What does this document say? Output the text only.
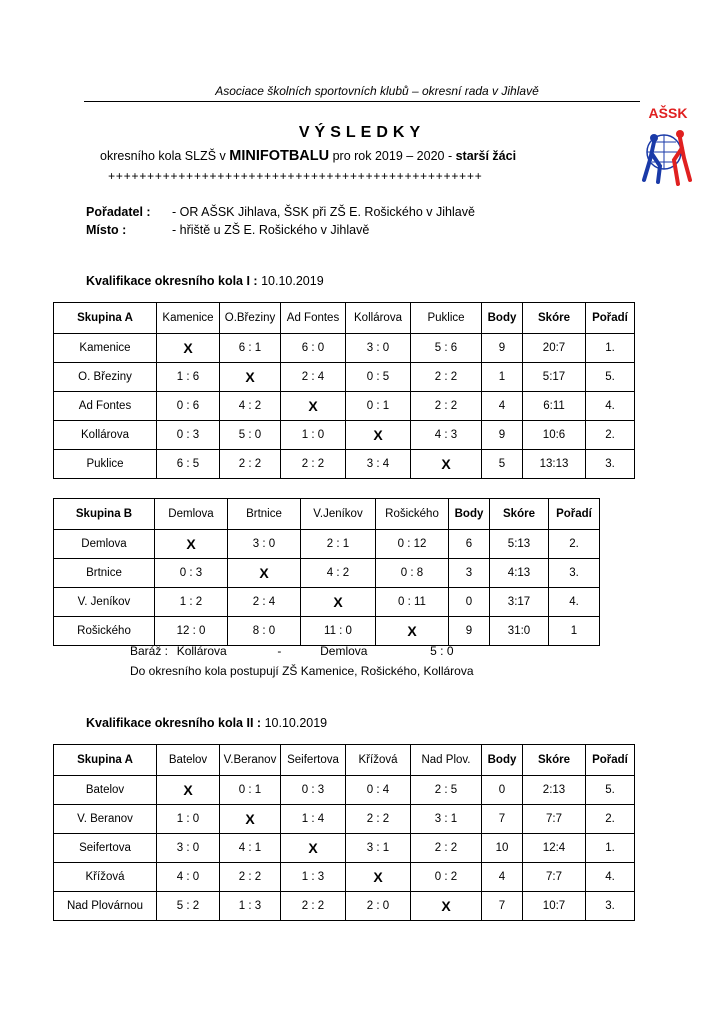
Asociace školních sportovních klubů – okresní rada v Jihlavě
AŠSK
VÝSLEDKY
okresního kola SLZŠ v MINIFOTBALU pro rok 2019 – 2020 - starší žáci
++++++++++++++++++++++++++++++++++++++++++++++++
Pořadatel : - OR AŠSK Jihlava, ŠSK při ZŠ E. Rošického v Jihlavě
Místo :	- hřiště u ZŠ E. Rošického v Jihlavě
Kvalifikace okresního kola I : 10.10.2019
Skupina A	Kamenice	O.Březiny	Ad Fontes	Kollárova	Puklice	Body	Skóre	Pořadí
Kamenice	X	6 : 1	6 : 0	3 : 0	5 : 6	9	20:7	1.
O. Březiny	1 : 6	X	2 : 4	0 : 5	2 : 2	1	5:17	5.
Ad Fontes	0 : 6	4 : 2	X	0 : 1	2 : 2	4	6:11	4.
Kollárova	0 : 3	5 : 0	1 : 0	X	4 : 3	9	10:6	2.
Puklice	6 : 5	2 : 2	2 : 2	3 : 4	X	5	13:13	3.
Skupina B	Demlova	Brtnice	V.Jeníkov	Rošického	Body	Skóre	Pořadí
Demlova	X	3 : 0	2 : 1	0 : 12	6	5:13	2.
Brtnice	0 : 3	X	4 : 2	0 : 8	3	4:13	3.
V. Jeníkov	1 : 2	2 : 4	X	0 : 11	0	3:17	4.
Rošického	12 : 0	8 : 0	11 : 0	X	9	31:0	1
Baráž : Kollárova	-	Demlova	5 : 0
Do okresního kola postupují ZŠ Kamenice, Rošického, Kollárova
Kvalifikace okresního kola II : 10.10.2019
Skupina A	Batelov	V.Beranov	Seifertova	Křížová	Nad Plov.	Body	Skóre	Pořadí
Batelov	X	0 : 1	0 : 3	0 : 4	2 : 5	0	2:13	5.
V. Beranov	1 : 0	X	1 : 4	2 : 2	3 : 1	7	7:7	2.
Seifertova	3 : 0	4 : 1	X	3 : 1	2 : 2	10	12:4	1.
Křížová	4 : 0	2 : 2	1 : 3	X	0 : 2	4	7:7	4.
Nad Plovárnou	5 : 2	1 : 3	2 : 2	2 : 0	X	7	10:7	3.
